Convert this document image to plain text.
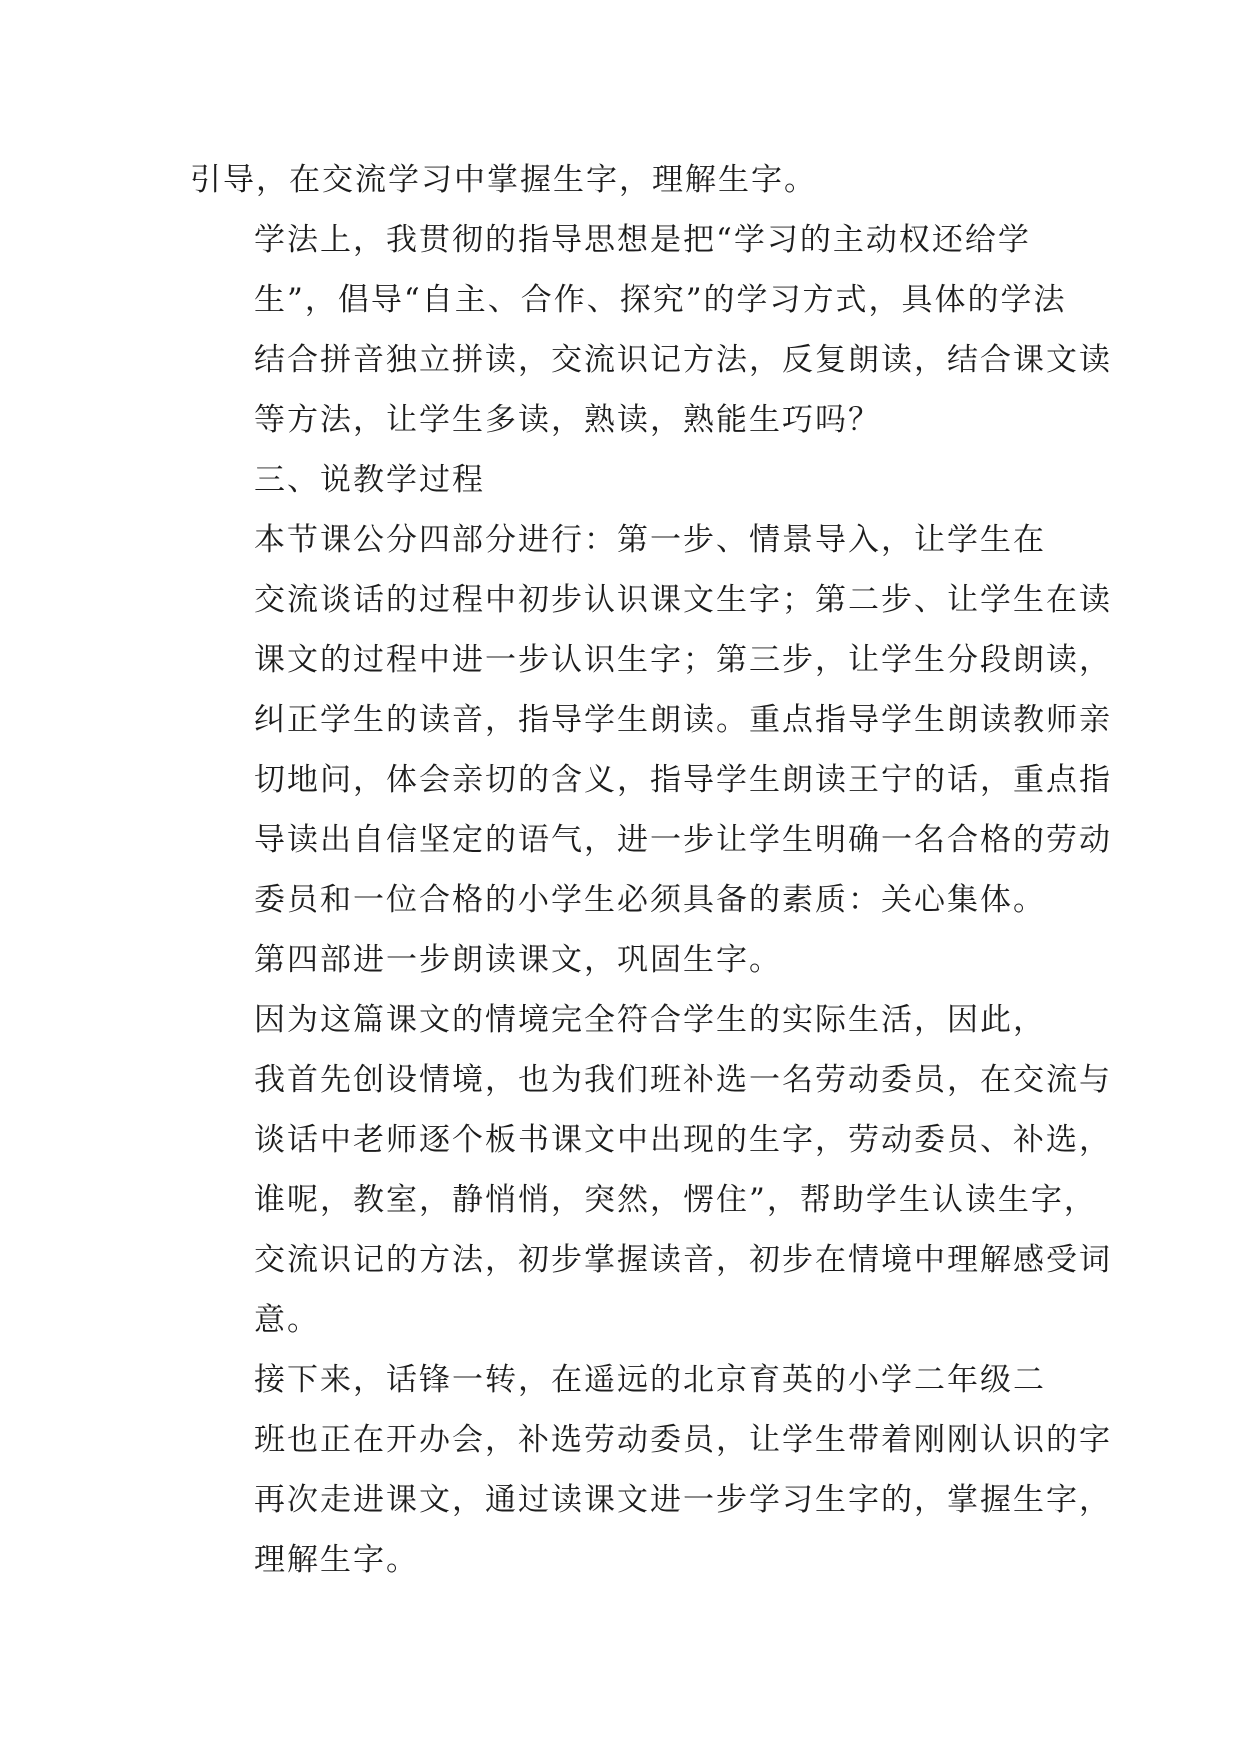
引导，在交流学习中掌握生字，理解生字。

学法上，我贯彻的指导思想是把“学习的主动权还给学
生”，倡导“自主、合作、探究”的学习方式，具体的学法
结合拼音独立拼读，交流识记方法，反复朗读，结合课文读
等方法，让学生多读，熟读，熟能生巧吗？

三、说教学过程

本节课公分四部分进行：第一步、情景导入，让学生在
交流谈话的过程中初步认识课文生字；第二步、让学生在读
课文的过程中进一步认识生字；第三步，让学生分段朗读，
纠正学生的读音，指导学生朗读。重点指导学生朗读教师亲
切地问，体会亲切的含义，指导学生朗读王宁的话，重点指
导读出自信坚定的语气，进一步让学生明确一名合格的劳动
委员和一位合格的小学生必须具备的素质：关心集体。

第四部进一步朗读课文，巩固生字。

因为这篇课文的情境完全符合学生的实际生活，因此，
我首先创设情境，也为我们班补选一名劳动委员，在交流与
谈话中老师逐个板书课文中出现的生字，劳动委员、补选，
谁呢，教室，静悄悄，突然，愣住”，帮助学生认读生字，
交流识记的方法，初步掌握读音，初步在情境中理解感受词
意。

接下来，话锋一转，在遥远的北京育英的小学二年级二
班也正在开办会，补选劳动委员，让学生带着刚刚认识的字
再次走进课文，通过读课文进一步学习生字的，掌握生字，
理解生字。
